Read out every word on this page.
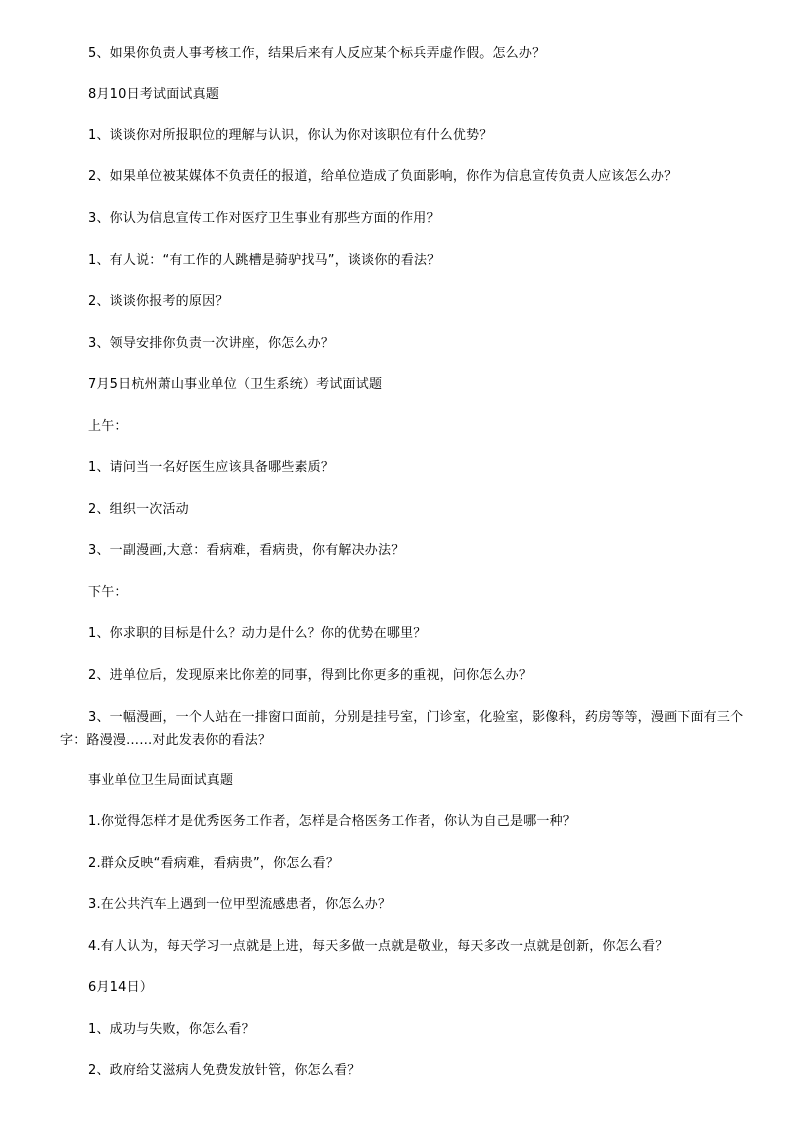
5、如果你负责人事考核工作，结果后来有人反应某个标兵弄虚作假。怎么办？
8月10日考试面试真题
1、谈谈你对所报职位的理解与认识，你认为你对该职位有什么优势？
2、如果单位被某媒体不负责任的报道，给单位造成了负面影响，你作为信息宣传负责人应该怎么办？
3、你认为信息宣传工作对医疗卫生事业有那些方面的作用？
1、有人说：“有工作的人跳槽是骑驴找马”，谈谈你的看法？
2、谈谈你报考的原因？
3、领导安排你负责一次讲座，你怎么办？
7月5日杭州萧山事业单位（卫生系统）考试面试题
上午：
1、请问当一名好医生应该具备哪些素质？
2、组织一次活动
3、一副漫画,大意：看病难，看病贵，你有解决办法？
下午：
1、你求职的目标是什么？动力是什么？你的优势在哪里？
2、进单位后，发现原来比你差的同事，得到比你更多的重视，问你怎么办？
3、一幅漫画，一个人站在一排窗口面前，分别是挂号室，门诊室，化验室，影像科，药房等等，漫画下面有三个字：路漫漫……对此发表你的看法？
事业单位卫生局面试真题
1.你觉得怎样才是优秀医务工作者，怎样是合格医务工作者，你认为自己是哪一种？
2.群众反映“看病难，看病贵”，你怎么看？
3.在公共汽车上遇到一位甲型流感患者，你怎么办？
4.有人认为，每天学习一点就是上进，每天多做一点就是敬业，每天多改一点就是创新，你怎么看？
6月14日）
1、成功与失败，你怎么看？
2、政府给艾滋病人免费发放针管，你怎么看？
